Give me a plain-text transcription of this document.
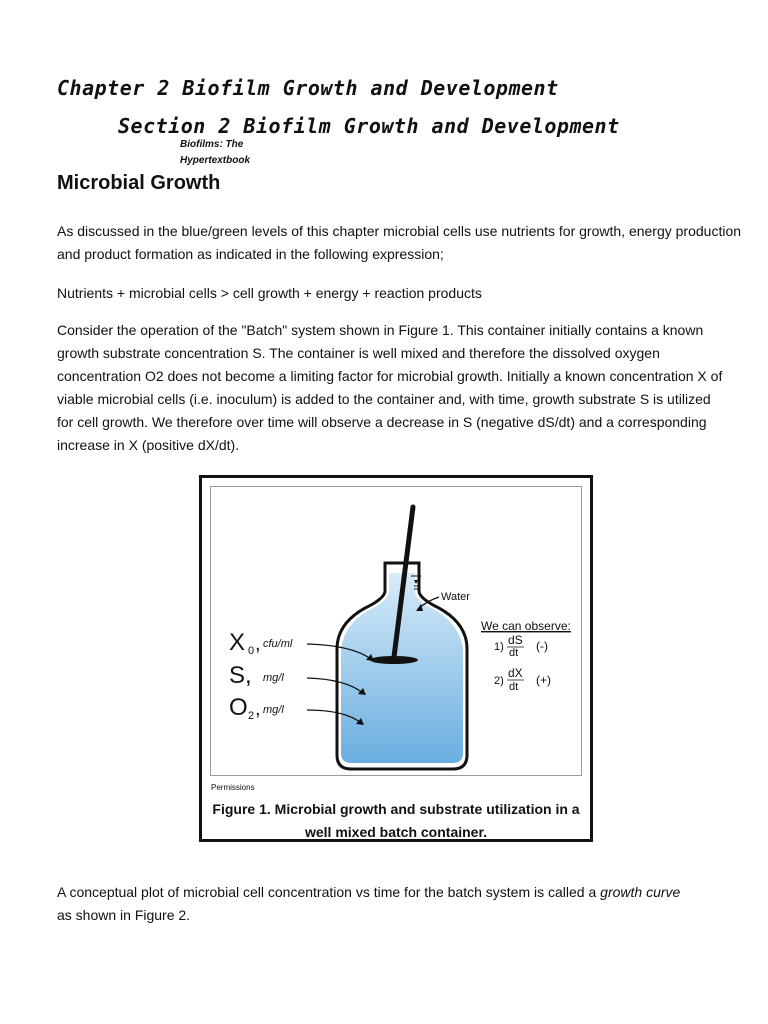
Chapter 2 Biofilm Growth and Development
Section 2 Biofilm Growth and Development
Biofilms: The Hypertextbook
Microbial Growth

As discussed in the blue/green levels of this chapter microbial cells use nutrients for growth, energy production and product formation as indicated in the following expression;

Nutrients + microbial cells > cell growth + energy + reaction products

Consider the operation of the "Batch" system shown in Figure 1. This container initially contains a known growth substrate concentration S. The container is well mixed and therefore the dissolved oxygen concentration O2 does not become a limiting factor for microbial growth. Initially a known concentration X of viable microbial cells (i.e. inoculum) is added to the container and, with time, growth substrate S is utilized for cell growth. We therefore over time will observe a decrease in S (negative dS/dt) and a corresponding increase in X (positive dX/dt).

Water
X 0 , cfu/ml
S, mg/l
O 2 , mg/l
We can observe:
1) dS
dt (-)
2)
dX
dt (+)
Permissions
Figure 1. Microbial growth and substrate utilization in a well mixed batch container.

A conceptual plot of microbial cell concentration vs time for the batch system is called a growth curve

as shown in Figure 2.
